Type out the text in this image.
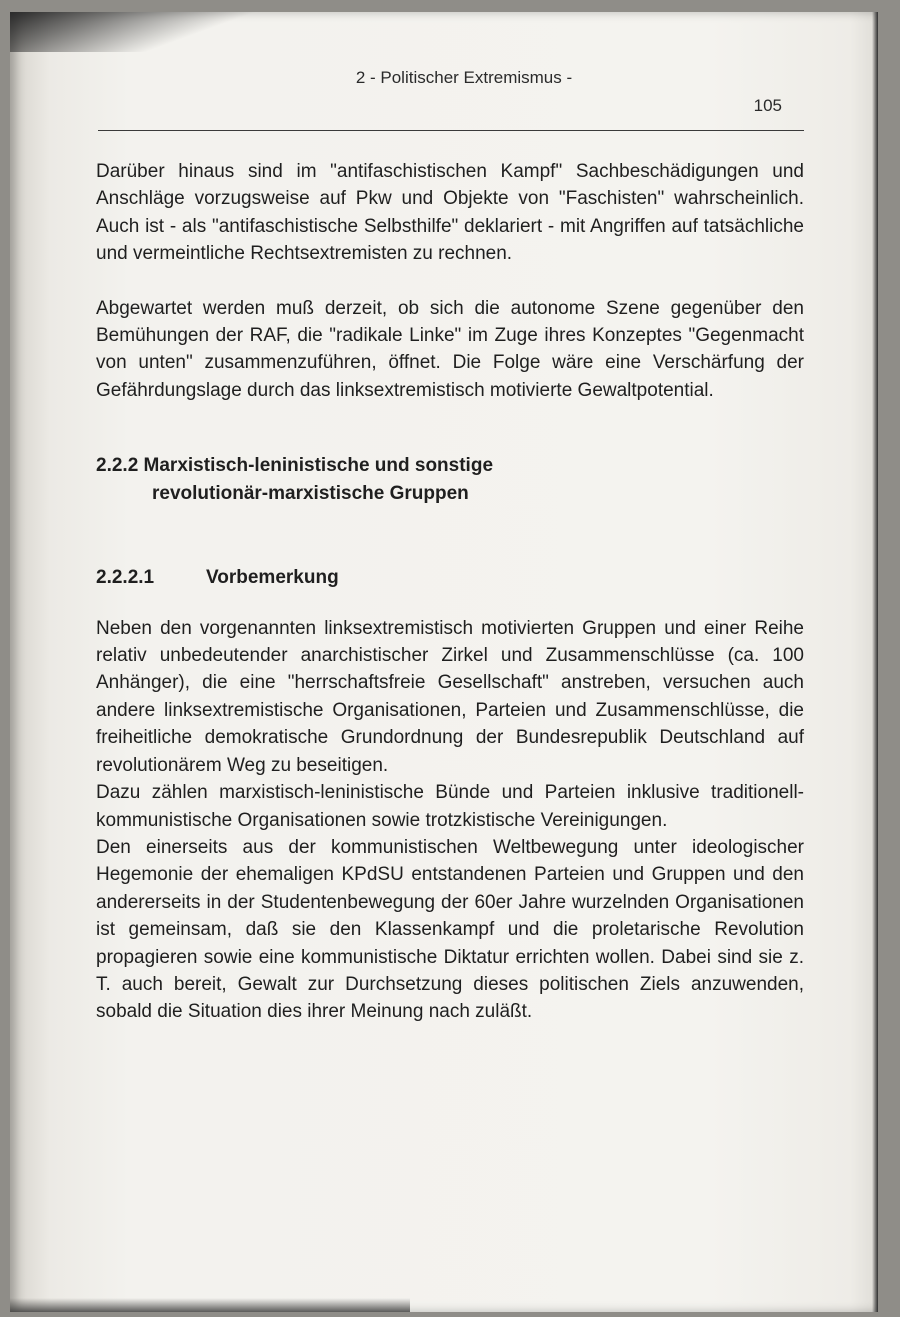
2 - Politischer Extremismus -
105

Darüber hinaus sind im "antifaschistischen Kampf" Sachbeschädigungen und Anschläge vorzugsweise auf Pkw und Objekte von "Faschisten" wahrscheinlich. Auch ist - als "antifaschistische Selbsthilfe" deklariert - mit Angriffen auf tatsächliche und vermeintliche Rechtsextremisten zu rechnen.

Abgewartet werden muß derzeit, ob sich die autonome Szene gegenüber den Bemühungen der RAF, die "radikale Linke" im Zuge ihres Konzeptes "Gegenmacht von unten" zusammenzuführen, öffnet. Die Folge wäre eine Verschärfung der Gefährdungslage durch das linksextremistisch motivierte Gewaltpotential.

2.2.2 Marxistisch-leninistische und sonstige

revolutionär-marxistische Gruppen

2.2.2.1	Vorbemerkung

Neben den vorgenannten linksextremistisch motivierten Gruppen und einer Reihe relativ unbedeutender anarchistischer Zirkel und Zusammenschlüsse (ca. 100 Anhänger), die eine "herrschaftsfreie Gesellschaft" anstreben, versuchen auch andere linksextremistische Organisationen, Parteien und Zusammenschlüsse, die freiheitliche demokratische Grundordnung der Bundesrepublik Deutschland auf revolutionärem Weg zu beseitigen.

Dazu zählen marxistisch-leninistische Bünde und Parteien inklusive traditionell-kommunistische Organisationen sowie trotzkistische Vereinigungen.

Den einerseits aus der kommunistischen Weltbewegung unter ideologischer Hegemonie der ehemaligen KPdSU entstandenen Parteien und Gruppen und den andererseits in der Studentenbewegung der 60er Jahre wurzelnden Organisationen ist gemeinsam, daß sie den Klassenkampf und die proletarische Revolution propagieren sowie eine kommunistische Diktatur errichten wollen. Dabei sind sie z. T. auch bereit, Gewalt zur Durchsetzung dieses politischen Ziels anzuwenden, sobald die Situation dies ihrer Meinung nach zuläßt.
